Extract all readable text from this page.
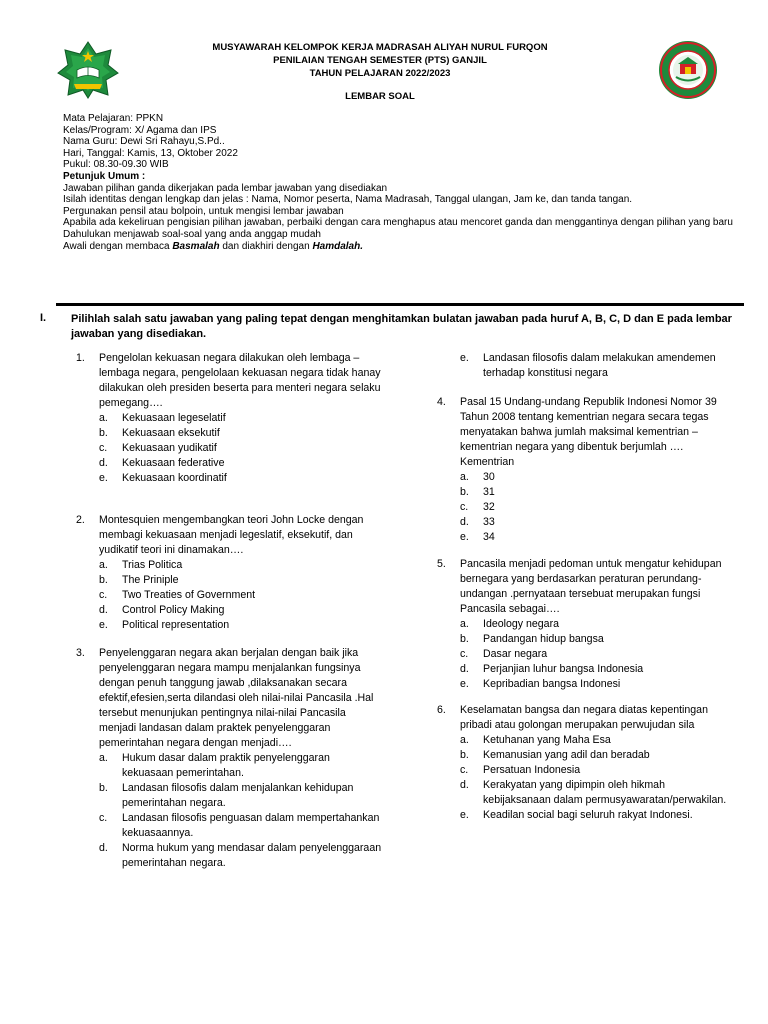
MUSYAWARAH KELOMPOK KERJA MADRASAH ALIYAH NURUL FURQON
PENILAIAN TENGAH SEMESTER (PTS) GANJIL
TAHUN PELAJARAN 2022/2023
LEMBAR SOAL
Mata Pelajaran: PPKN
Kelas/Program: X/ Agama dan IPS
Nama Guru: Dewi Sri Rahayu,S.Pd..
Hari, Tanggal: Kamis, 13, Oktober 2022
Pukul: 08.30-09.30 WIB
Petunjuk Umum :
Jawaban pilihan ganda dikerjakan pada lembar jawaban yang disediakan
Isilah identitas dengan lengkap dan jelas : Nama, Nomor peserta, Nama Madrasah, Tanggal ulangan, Jam ke, dan tanda tangan.
Pergunakan pensil atau bolpoin, untuk mengisi lembar jawaban
Apabila ada kekeliruan pengisian pilihan jawaban, perbaiki dengan cara menghapus atau mencoret ganda dan menggantinya dengan pilihan yang baru
Dahulukan menjawab soal-soal yang anda anggap mudah
Awali dengan membaca Basmalah dan diakhiri dengan Hamdalah.
I. Pilihlah salah satu jawaban yang paling tepat dengan menghitamkan bulatan jawaban pada huruf A, B, C, D dan E pada lembar jawaban yang disediakan.
1. Pengelolan kekuasan negara dilakukan oleh lembaga –lembaga negara, pengelolaan kekuasan negara tidak hanay dilakukan oleh presiden beserta para menteri negara selaku pemegang….
a. Kekuasaan legeselatif
b. Kekuasaan eksekutif
c. Kekuasaan yudikatif
d. Kekuasaan federative
e. Kekuasaan koordinatif
2. Montesquien mengembangkan teori John Locke dengan membagi kekuasaan menjadi legeslatif, eksekutif, dan yudikatif teori ini dinamakan….
a. Trias Politica
b. The Priniple
c. Two Treaties of Government
d. Control Policy Making
e. Political representation
3. Penyelenggaran negara akan berjalan dengan baik jika penyelenggaran negara mampu menjalankan fungsinya dengan penuh tanggung jawab ,dilaksanakan secara efektif,efesien,serta dilandasi oleh nilai-nilai Pancasila .Hal tersebut menunjukan pentingnya nilai-nilai Pancasila menjadi landasan dalam praktek penyelenggaran pemerintahan negara dengan menjadi….
a. Hukum dasar dalam praktik penyelenggaran kekuasaan pemerintahan.
b. Landasan filosofis dalam menjalankan kehidupan pemerintahan negara.
c. Landasan filosofis penguasan dalam mempertahankan kekuasaannya.
d. Norma hukum yang mendasar dalam penyelenggaraan pemerintahan negara.
e. Landasan filosofis dalam melakukan amendemen terhadap konstitusi negara
4. Pasal 15 Undang-undang Republik Indonesi Nomor 39 Tahun 2008 tentang kementrian negara secara tegas menyatakan bahwa jumlah maksimal kementrian –kementrian negara yang dibentuk berjumlah …. Kementrian
a. 30
b. 31
c. 32
d. 33
e. 34
5. Pancasila menjadi pedoman untuk mengatur kehidupan bernegara yang berdasarkan peraturan perundang-undangan .pernyataan tersebuat merupakan fungsi Pancasila sebagai….
a. Ideology negara
b. Pandangan hidup bangsa
c. Dasar negara
d. Perjanjian luhur bangsa Indonesia
e. Kepribadian bangsa Indonesi
6. Keselamatan bangsa dan negara diatas kepentingan pribadi atau golongan merupakan perwujudan sila
a. Ketuhanan yang Maha Esa
b. Kemanusian yang adil dan beradab
c. Persatuan Indonesia
d. Kerakyatan yang dipimpin oleh hikmah kebijaksanaan dalam permusyawaratan/perwakilan.
e. Keadilan social bagi seluruh rakyat Indonesi.
